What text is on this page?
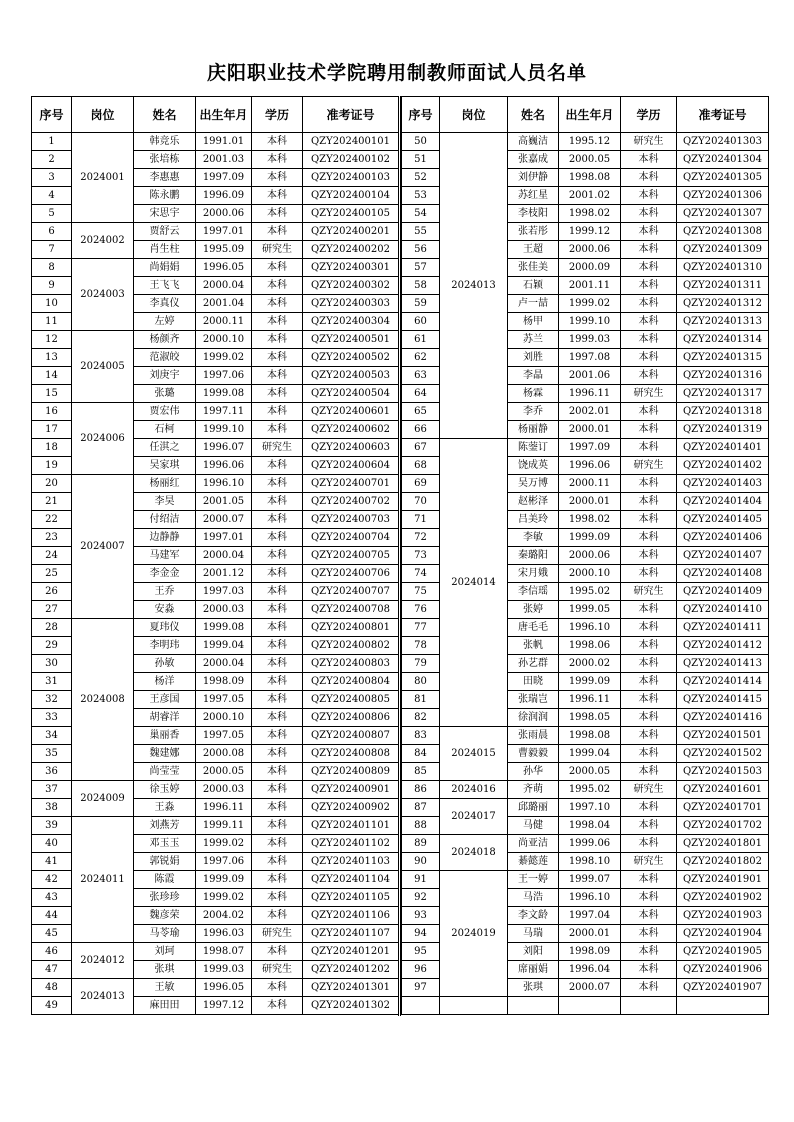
庆阳职业技术学院聘用制教师面试人员名单
序号	岗位	姓名	出生年月	学历	准考证号
1	2024001	韩竞乐	1991.01	本科	QZY202400101
2		张培栋	2001.03	本科	QZY202400102
3		李惠惠	1997.09	本科	QZY202400103
4		陈永鹏	1996.09	本科	QZY202400104
5		宋思宇	2000.06	本科	QZY202400105
6	2024002	贾舒云	1997.01	本科	QZY202400201
7		肖生柱	1995.09	研究生	QZY202400202
8	2024003	尚娟娟	1996.05	本科	QZY202400301
9		王飞飞	2000.04	本科	QZY202400302
10		李真仪	2001.04	本科	QZY202400303
11		左婷	2000.11	本科	QZY202400304
12	2024005	杨颜齐	2000.10	本科	QZY202400501
13		范淑皎	1999.02	本科	QZY202400502
14		刘庚宇	1997.06	本科	QZY202400503
15		张璐	1999.08	本科	QZY202400504
16	2024006	贾宏伟	1997.11	本科	QZY202400601
17		石柯	1999.10	本科	QZY202400602
18		任淇之	1996.07	研究生	QZY202400603
19		吴家琪	1996.06	本科	QZY202400604
20	2024007	杨丽红	1996.10	本科	QZY202400701
21		李昊	2001.05	本科	QZY202400702
22		付绍洁	2000.07	本科	QZY202400703
23		边静静	1997.01	本科	QZY202400704
24		马建军	2000.04	本科	QZY202400705
25		李金金	2001.12	本科	QZY202400706
26		王乔	1997.03	本科	QZY202400707
27		安淼	2000.03	本科	QZY202400708
28	2024008	夏玮仪	1999.08	本科	QZY202400801
29		李明玮	1999.04	本科	QZY202400802
30		孙敏	2000.04	本科	QZY202400803
31		杨洋	1998.09	本科	QZY202400804
32		王彦国	1997.05	本科	QZY202400805
33		胡睿洋	2000.10	本科	QZY202400806
34		巢丽香	1997.05	本科	QZY202400807
35		魏建娜	2000.08	本科	QZY202400808
36		尚莹莹	2000.05	本科	QZY202400809
37	2024009	徐玉婷	2000.03	本科	QZY202400901
38		王淼	1996.11	本科	QZY202400902
39	2024011	刘燕芳	1999.11	本科	QZY202401101
40		邓玉玉	1999.02	本科	QZY202401102
41		郭锐娟	1997.06	本科	QZY202401103
42		陈霞	1999.09	本科	QZY202401104
43		张珍珍	1999.02	本科	QZY202401105
44		魏彦荣	2004.02	本科	QZY202401106
45		马苓瑜	1996.03	研究生	QZY202401107
46	2024012	刘珂	1998.07	本科	QZY202401201
47		张琪	1999.03	研究生	QZY202401202
48	2024013	王敏	1996.05	本科	QZY202401301
49		麻田田	1997.12	本科	QZY202401302
序号	岗位	姓名	出生年月	学历	准考证号
50	2024013	高巍洁	1995.12	研究生	QZY202401303
51		张嘉成	2000.05	本科	QZY202401304
52		刘伊静	1998.08	本科	QZY202401305
53		苏红星	2001.02	本科	QZY202401306
54		李枝阳	1998.02	本科	QZY202401307
55		张若彤	1999.12	本科	QZY202401308
56		王超	2000.06	本科	QZY202401309
57		张佳美	2000.09	本科	QZY202401310
58		石颖	2001.11	本科	QZY202401311
59		卢一喆	1999.02	本科	QZY202401312
60		杨甲	1999.10	本科	QZY202401313
61		苏兰	1999.03	本科	QZY202401314
62		刘胜	1997.08	本科	QZY202401315
63		李晶	2001.06	本科	QZY202401316
64		杨霖	1996.11	研究生	QZY202401317
65		李乔	2002.01	本科	QZY202401318
66		杨丽静	2000.01	本科	QZY202401319
67	2024014	陈蓥订	1997.09	本科	QZY202401401
68		饶成英	1996.06	研究生	QZY202401402
69		吴万博	2000.11	本科	QZY202401403
70		赵彬泽	2000.01	本科	QZY202401404
71		吕美玲	1998.02	本科	QZY202401405
72		李敏	1999.09	本科	QZY202401406
73		秦璐阳	2000.06	本科	QZY202401407
74		宋月娥	2000.10	本科	QZY202401408
75		李信瑶	1995.02	研究生	QZY202401409
76		张婷	1999.05	本科	QZY202401410
77		唐毛毛	1996.10	本科	QZY202401411
78		张帆	1998.06	本科	QZY202401412
79		孙艺群	2000.02	本科	QZY202401413
80		田晓	1999.09	本科	QZY202401414
81		张瑞岂	1996.11	本科	QZY202401415
82		徐润润	1998.05	本科	QZY202401416
83	2024015	张雨晨	1998.08	本科	QZY202401501
84		曹毅毅	1999.04	本科	QZY202401502
85		孙华	2000.05	本科	QZY202401503
86	2024016	齐萌	1995.02	研究生	QZY202401601
87	2024017	邱璐丽	1997.10	本科	QZY202401701
88		马健	1998.04	本科	QZY202401702
89	2024018	尚亚洁	1999.06	本科	QZY202401801
90		綦懿莲	1998.10	研究生	QZY202401802
91	2024019	王一婷	1999.07	本科	QZY202401901
92		马浩	1996.10	本科	QZY202401902
93		李文龄	1997.04	本科	QZY202401903
94		马瑞	2000.01	本科	QZY202401904
95		刘阳	1998.09	本科	QZY202401905
96		席丽娟	1996.04	本科	QZY202401906
97		张琪	2000.07	本科	QZY202401907
